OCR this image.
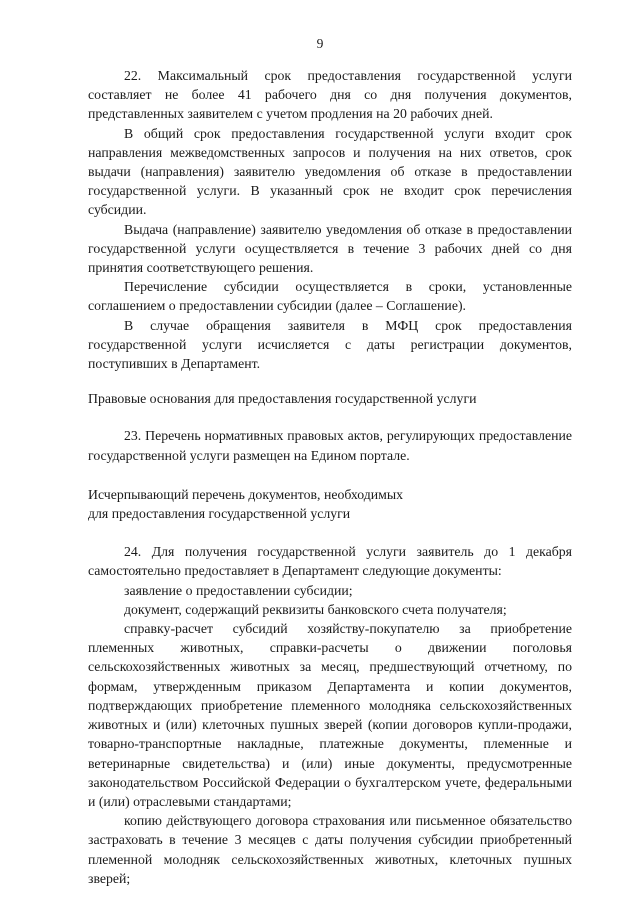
9

22. Максимальный срок предоставления государственной услуги составляет не более 41 рабочего дня со дня получения документов, представленных заявителем с учетом продления на 20 рабочих дней.

В общий срок предоставления государственной услуги входит срок направления межведомственных запросов и получения на них ответов, срок выдачи (направления) заявителю уведомления об отказе в предоставлении государственной услуги. В указанный срок не входит срок перечисления субсидии.

Выдача (направление) заявителю уведомления об отказе в предоставлении государственной услуги осуществляется в течение 3 рабочих дней со дня принятия соответствующего решения.

Перечисление субсидии осуществляется в сроки, установленные соглашением о предоставлении субсидии (далее – Соглашение).

В случае обращения заявителя в МФЦ срок предоставления государственной услуги исчисляется с даты регистрации документов, поступивших в Департамент.

Правовые основания для предоставления государственной услуги

23. Перечень нормативных правовых актов, регулирующих предоставление государственной услуги размещен на Едином портале.

Исчерпывающий перечень документов, необходимых

для предоставления государственной услуги

24. Для получения государственной услуги заявитель до 1 декабря самостоятельно предоставляет в Департамент следующие документы:

заявление о предоставлении субсидии;

документ, содержащий реквизиты банковского счета получателя;

справку-расчет субсидий хозяйству-покупателю за приобретение племенных животных, справки-расчеты о движении поголовья сельскохозяйственных животных за месяц, предшествующий отчетному, по формам, утвержденным приказом Департамента и копии документов, подтверждающих приобретение племенного молодняка сельскохозяйственных животных и (или) клеточных пушных зверей (копии договоров купли-продажи, товарно-транспортные накладные, платежные документы, племенные и ветеринарные свидетельства) и (или) иные документы, предусмотренные законодательством Российской Федерации о бухгалтерском учете, федеральными и (или) отраслевыми стандартами;

копию действующего договора страхования или письменное обязательство застраховать в течение 3 месяцев с даты получения субсидии приобретенный племенной молодняк сельскохозяйственных животных, клеточных пушных зверей;
